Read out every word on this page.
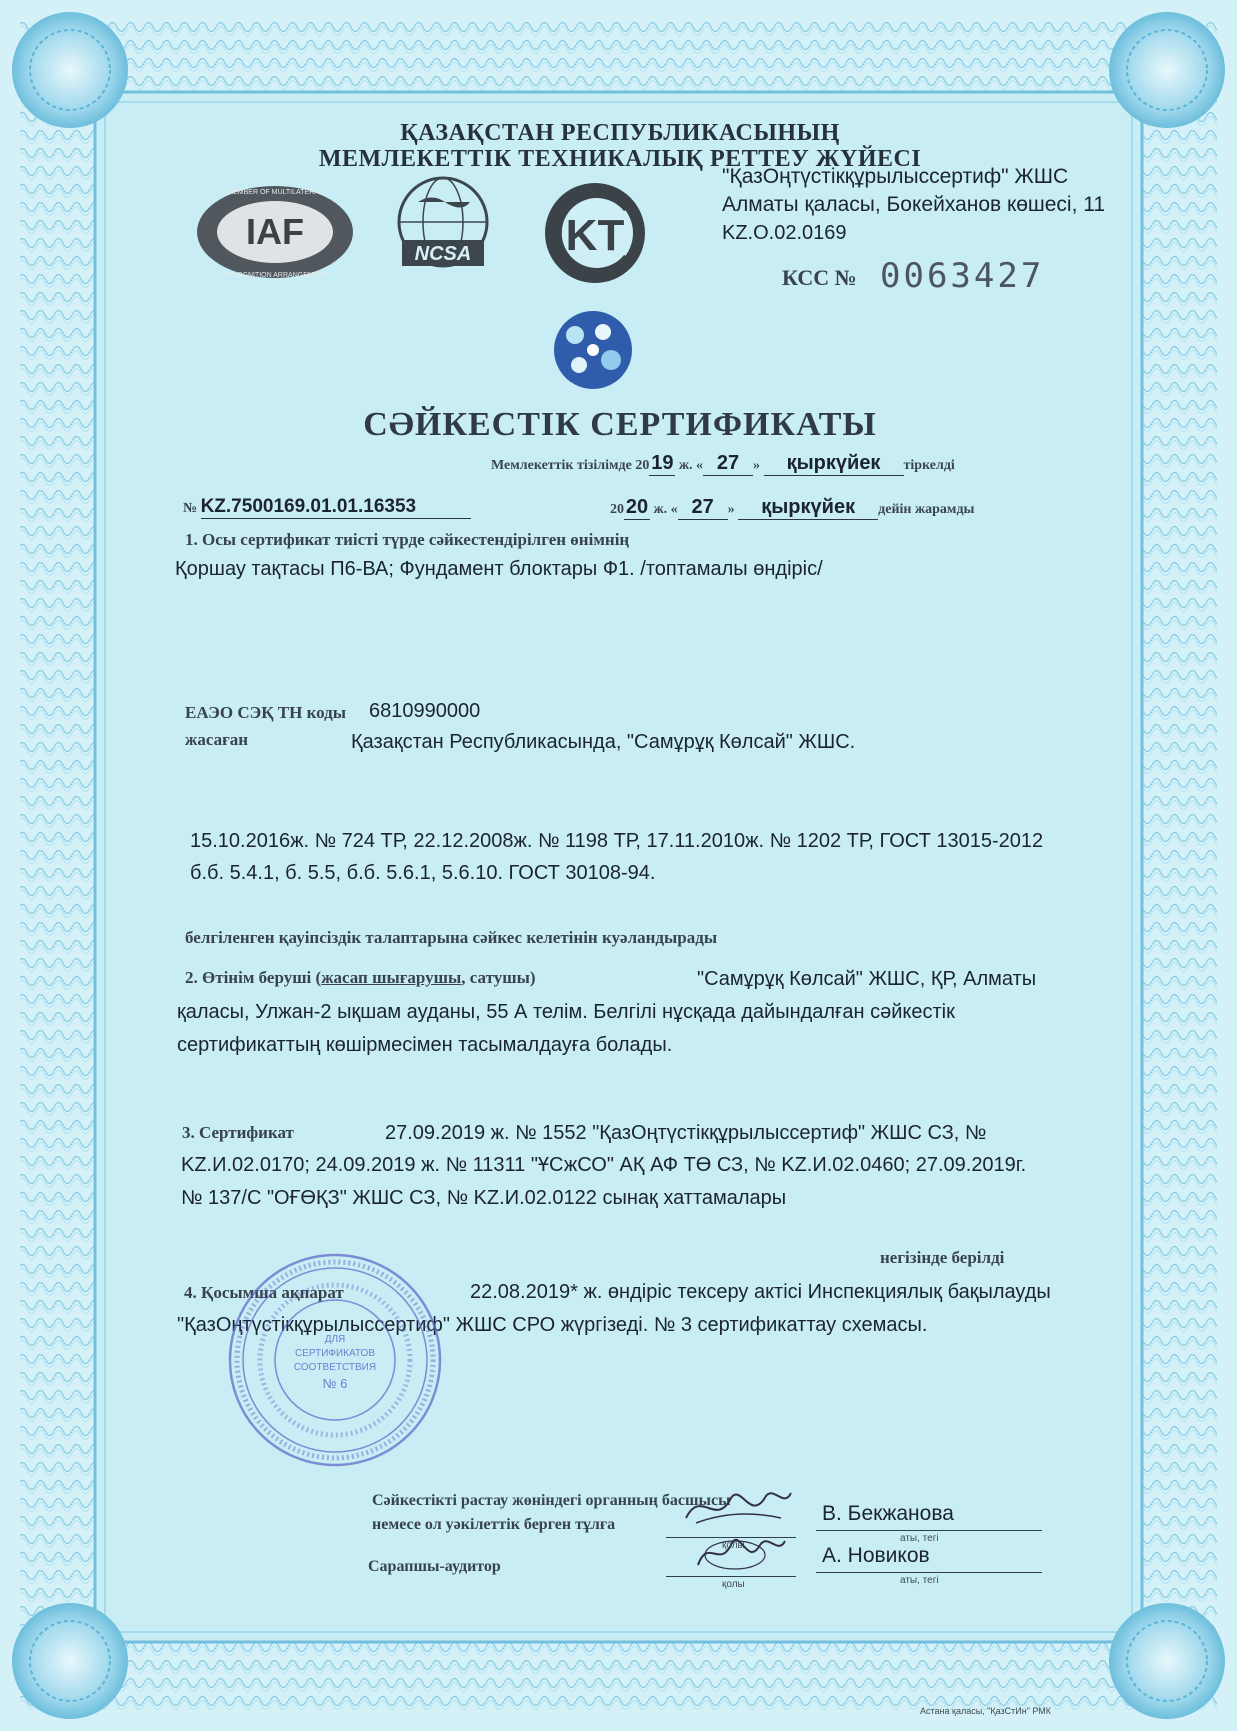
ҚАЗАҚСТАН РЕСПУБЛИКАСЫНЫҢ
МЕМЛЕКЕТТІК ТЕХНИКАЛЫҚ РЕТТЕУ ЖҮЙЕСІ
IAF
MEMBER OF MULTILATERAL
RECOGNITION ARRANGEMENT
NCSA KT
"ҚазОңтүстікқұрылыссертиф" ЖШС
Алматы қаласы, Бокейханов көшесі, 11
KZ.O.02.0169
КСС № 0063427
СӘЙКЕСТІК СЕРТИФИКАТЫ
Мемлекеттік тізілімде 2019 ж. « 27 » қыркүйек тіркелді
№ KZ.7500169.01.01.16353	2020 ж. « 27 » қыркүйек дейін жарамды
1. Осы сертификат тиісті түрде сәйкестендірілген өнімнің
Қоршау тақтасы П6-ВА; Фундамент блоктары Ф1. /топтамалы өндіріс/
ЕАЭО СЭҚ ТН коды 6810990000
жасаған	Қазақстан Республикасында, "Самұрұқ Көлсай" ЖШС.
15.10.2016ж. № 724 ТР, 22.12.2008ж. № 1198 ТР, 17.11.2010ж. № 1202 ТР, ГОСТ 13015-2012
б.б. 5.4.1, б. 5.5, б.б. 5.6.1, 5.6.10. ГОСТ 30108-94.
белгіленген қауіпсіздік талаптарына сәйкес келетінін куәландырады
2. Өтінім беруші (жасап шығарушы, сатушы)	"Самұрұқ Көлсай" ЖШС, ҚР, Алматы
қаласы, Улжан-2 ықшам ауданы, 55 А телім. Белгілі нұсқада дайындалған сәйкестік
сертификаттың көшірмесімен тасымалдауға болады.
3. Сертификат	27.09.2019 ж. № 1552 "ҚазОңтүстікқұрылыссертиф" ЖШС СЗ, №
KZ.И.02.0170; 24.09.2019 ж. № 11311 "ҰСжСО" АҚ АФ ТӨ СЗ, № KZ.И.02.0460; 27.09.2019г.
№ 137/С "ОҒӨҚЗ" ЖШС СЗ, № KZ.И.02.0122 сынақ хаттамалары
негізінде берілді
4. Қосымша ақпарат	22.08.2019* ж. өндіріс тексеру актісі Инспекциялық бақылауды
"ҚазОңтүстікқұрылыссертиф" ЖШС СРО жүргізеді. № 3 сертификаттау схемасы.
ДЛЯ
СЕРТИФИКАТОВ
СООТВЕТСТВИЯ
№ 6
Сәйкестікті растау жөніндегі органның басшысы
немесе ол уәкілеттік берген тұлға
қолы
В. Бекжанова
аты, тегі
Сарапшы-аудитор
қолы
А. Новиков
аты, тегі
Астана қаласы, "ҚазСтИн" РМК
